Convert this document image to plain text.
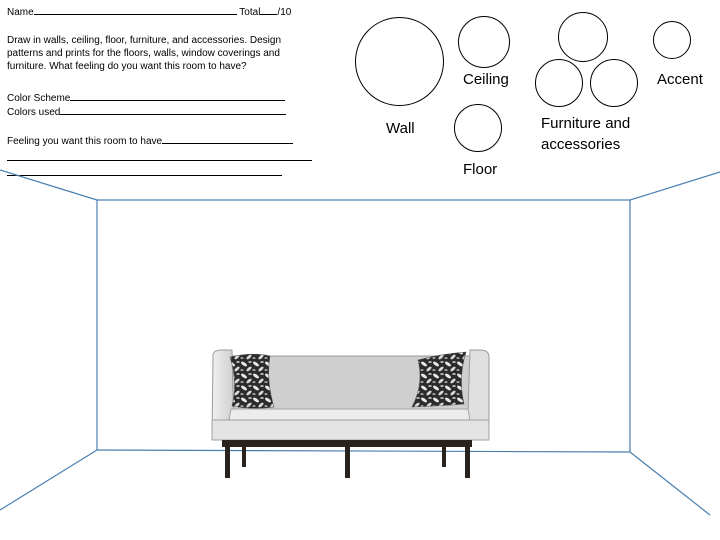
Name	Total /10
Draw in walls, ceiling, floor, furniture, and accessories. Design patterns and prints for the floors, walls, window coverings and furniture. What feeling do you want this room to have?
Color Scheme
Colors used
Feeling you want this room to have
Ceiling	Accent
Wall	Furniture and accessories
Floor
